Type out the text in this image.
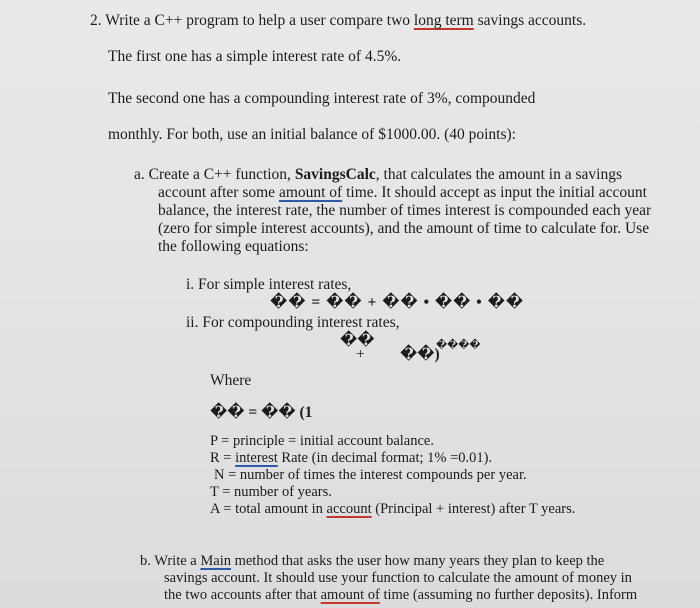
2. Write a C++ program to help a user compare two long term savings accounts.
The first one has a simple interest rate of 4.5%.
The second one has a compounding interest rate of 3%, compounded
monthly. For both, use an initial balance of $1000.00. (40 points):
a. Create a C++ function, SavingsCalc, that calculates the amount in a savings
account after some amount of time. It should accept as input the initial account
balance, the interest rate, the number of times interest is compounded each year
(zero for simple interest accounts), and the amount of time to calculate for. Use
the following equations:
i. For simple interest rates,
�� = �� + �� • �� • ��
ii. For compounding interest rates,
��
+ ��)
����
Where
�� = �� (1
P = principle = initial account balance.
R = interest Rate (in decimal format; 1% =0.01).
N = number of times the interest compounds per year.
T = number of years.
A = total amount in account (Principal + interest) after T years.
b. Write a Main method that asks the user how many years they plan to keep the
savings account. It should use your function to calculate the amount of money in
the two accounts after that amount of time (assuming no further deposits). Inform
